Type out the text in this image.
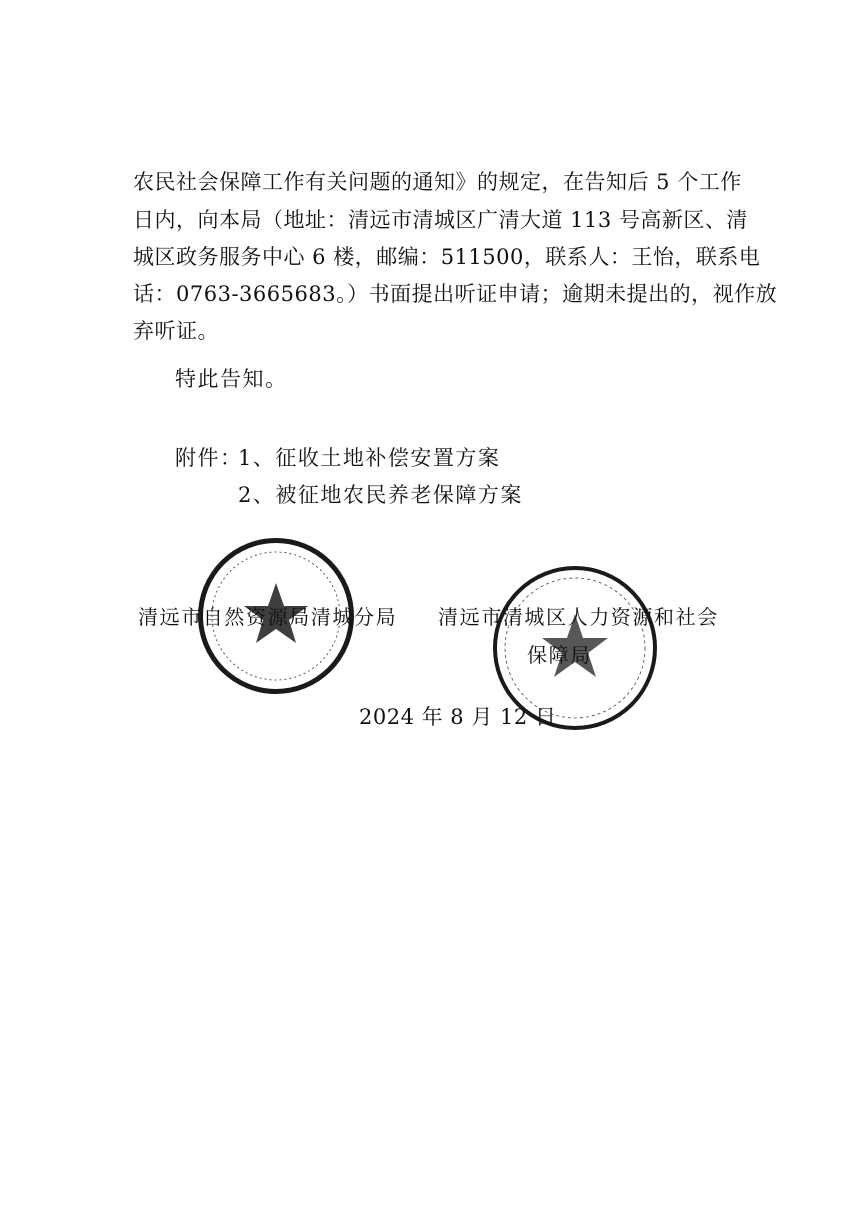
农民社会保障工作有关问题的通知》的规定，在告知后 5 个工作
日内，向本局（地址：清远市清城区广清大道 113 号高新区、清
城区政务服务中心 6 楼，邮编：511500，联系人：王怡，联系电
话：0763-3665683。）书面提出听证申请；逾期未提出的，视作放
弃听证。
特此告知。
附件：
1、征收土地补偿安置方案
2、被征地农民养老保障方案
清远市自然资源局清城分局 清远市清城区人力资源和社会
保障局
2024 年 8 月 12 日
